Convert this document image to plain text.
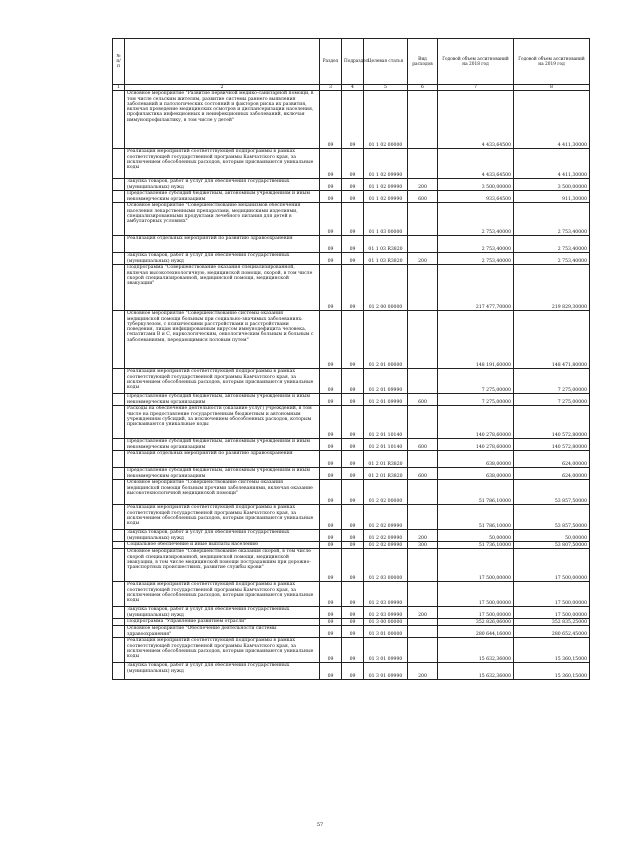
№ п/п		Раздел	Подраздел	Целевая статья	Вид расходов	Годовой объем ассигнований на 2018 год	Годовой объем ассигнований на 2019 год
1	2	3	4	5	6	7	8
	Основное мероприятие "Развитие первичной медико-санитарной помощи, в том числе сельским жителям, развитие системы раннего выявления заболеваний и патологических состояний и факторов риска их развития, включая проведение медицинских осмотров и диспансеризации населения, профилактика инфекционных и неинфекционных заболеваний, включая иммунопрофилактику, в том числе у детей"	09	09	01 1 02 00000		4 433,64500	4 411,30000
	Реализация мероприятий соответствующей подпрограммы в рамках соответствующей государственной программы Камчатского края, за исключением обособленных расходов, которым присваиваются уникальные коды	09	09	01 1 02 09990		4 433,64500	4 411,30000
	Закупка товаров, работ и услуг для обеспечения государственных (муниципальных) нужд	09	09	01 1 02 09990	200	3 500,00000	3 500,00000
	Предоставление субсидий бюджетным, автономным учреждениям и иным некоммерческим организациям	09	09	01 1 02 09990	600	933,64500	911,30000
	Основное мероприятие "Совершенствование механизмов обеспечения населения лекарственными препаратами, медицинскими изделиями, специализированными продуктами лечебного питания для детей в амбулаторных условиях"	09	09	01 1 03 00000		2 753,40000	2 753,40000
	Реализация отдельных мероприятий по развитию здравоохранения	09	09	01 1 03 R3820		2 753,40000	2 753,40000
	Закупка товаров, работ и услуг для обеспечения государственных (муниципальных) нужд	09	09	01 1 03 R3820	200	2 753,40000	2 753,40000
	Подпрограмма "Совершенствование оказания специализированной, включая высокотехнологичную, медицинской помощи, скорой, в том числе скорой специализированной, медицинской помощи, медицинской эвакуации"	09	09	01 2 00 00000		217 477,70000	219 829,30000
	Основное мероприятие "Совершенствование системы оказания медицинской помощи больным при социально-значимых заболеваниях: туберкулезом, с психическими расстройствами и расстройствами поведения, лицам инфицированным вирусом иммунодефицита человека, гепатитами В и С, наркологическим, онкологическим больным и больным с заболеваниями, передающимися половым путем"	09	09	01 2 01 00000		148 191,60000	148 471,80000
	Реализация мероприятий соответствующей подпрограммы в рамках соответствующей государственной программы Камчатского края, за исключением обособленных расходов, которым присваиваются уникальные коды	09	09	01 2 01 09990		7 275,00000	7 275,00000
	Предоставление субсидий бюджетным, автономным учреждениям и иным некоммерческим организациям	09	09	01 2 01 09990	600	7 275,00000	7 275,00000
	Расходы на обеспечение деятельности (оказание услуг) учреждений, в том числе на предоставление государственным бюджетным и автономным учреждениям субсидий, за исключением обособленных расходов, которым присваиваются уникальные коды	09	09	01 2 01 10140		140 278,60000	140 572,80000
	Предоставление субсидий бюджетным, автономным учреждениям и иным некоммерческим организациям	09	09	01 2 01 10140	600	140 278,60000	140 572,80000
	Реализация отдельных мероприятий по развитию здравоохранения	09	09	01 2 01 R3820		638,00000	624,00000
	Предоставление субсидий бюджетным, автономным учреждениям и иным некоммерческим организациям	09	09	01 2 01 R3820	600	638,00000	624,00000
	Основное мероприятие "Совершенствование системы оказания медицинской помощи больным прочими заболеваниями, включая оказание высокотехнологичной медицинской помощи"	09	09	01 2 02 00000		51 786,10000	53 857,50000
	Реализация мероприятий соответствующей подпрограммы в рамках соответствующей государственной программы Камчатского края, за исключением обособленных расходов, которым присваиваются уникальные коды	09	09	01 2 02 09990		51 786,10000	53 857,50000
	Закупка товаров, работ и услуг для обеспечения государственных (муниципальных) нужд	09	09	01 2 02 09990	200	50,00000	50,00000
	Социальное обеспечение и иные выплаты населению	09	09	01 2 02 09990	300	51 736,10000	53 807,50000
	Основное мероприятие "Совершенствование оказания скорой, в том числе скорой специализированной, медицинской помощи, медицинской эвакуации, в том числе медицинской помощи пострадавшим при дорожно-транспортных происшествиях, развитие службы крови"	09	09	01 2 03 00000		17 500,00000	17 500,00000
	Реализация мероприятий соответствующей подпрограммы в рамках соответствующей государственной программы Камчатского края, за исключением обособленных расходов, которым присваиваются уникальные коды	09	09	01 2 03 09990		17 500,00000	17 500,00000
	Закупка товаров, работ и услуг для обеспечения государственных (муниципальных) нужд	09	09	01 2 03 09990	200	17 500,00000	17 500,00000
	Подпрограмма "Управление развитием отрасли"	09	09	01 3 00 00000		352 826,06000	352 835,25000
	Основное мероприятие "Обеспечение деятельности системы здравоохранения"	09	09	01 3 01 00000		280 644,16000	280 652,45000
	Реализация мероприятий соответствующей подпрограммы в рамках соответствующей государственной программы Камчатского края, за исключением обособленных расходов, которым присваиваются уникальные коды	09	09	01 3 01 09990		15 632,36000	15 360,15000
	Закупка товаров, работ и услуг для обеспечения государственных (муниципальных) нужд	09	09	01 3 01 09990	200	15 632,36000	15 360,15000
57
